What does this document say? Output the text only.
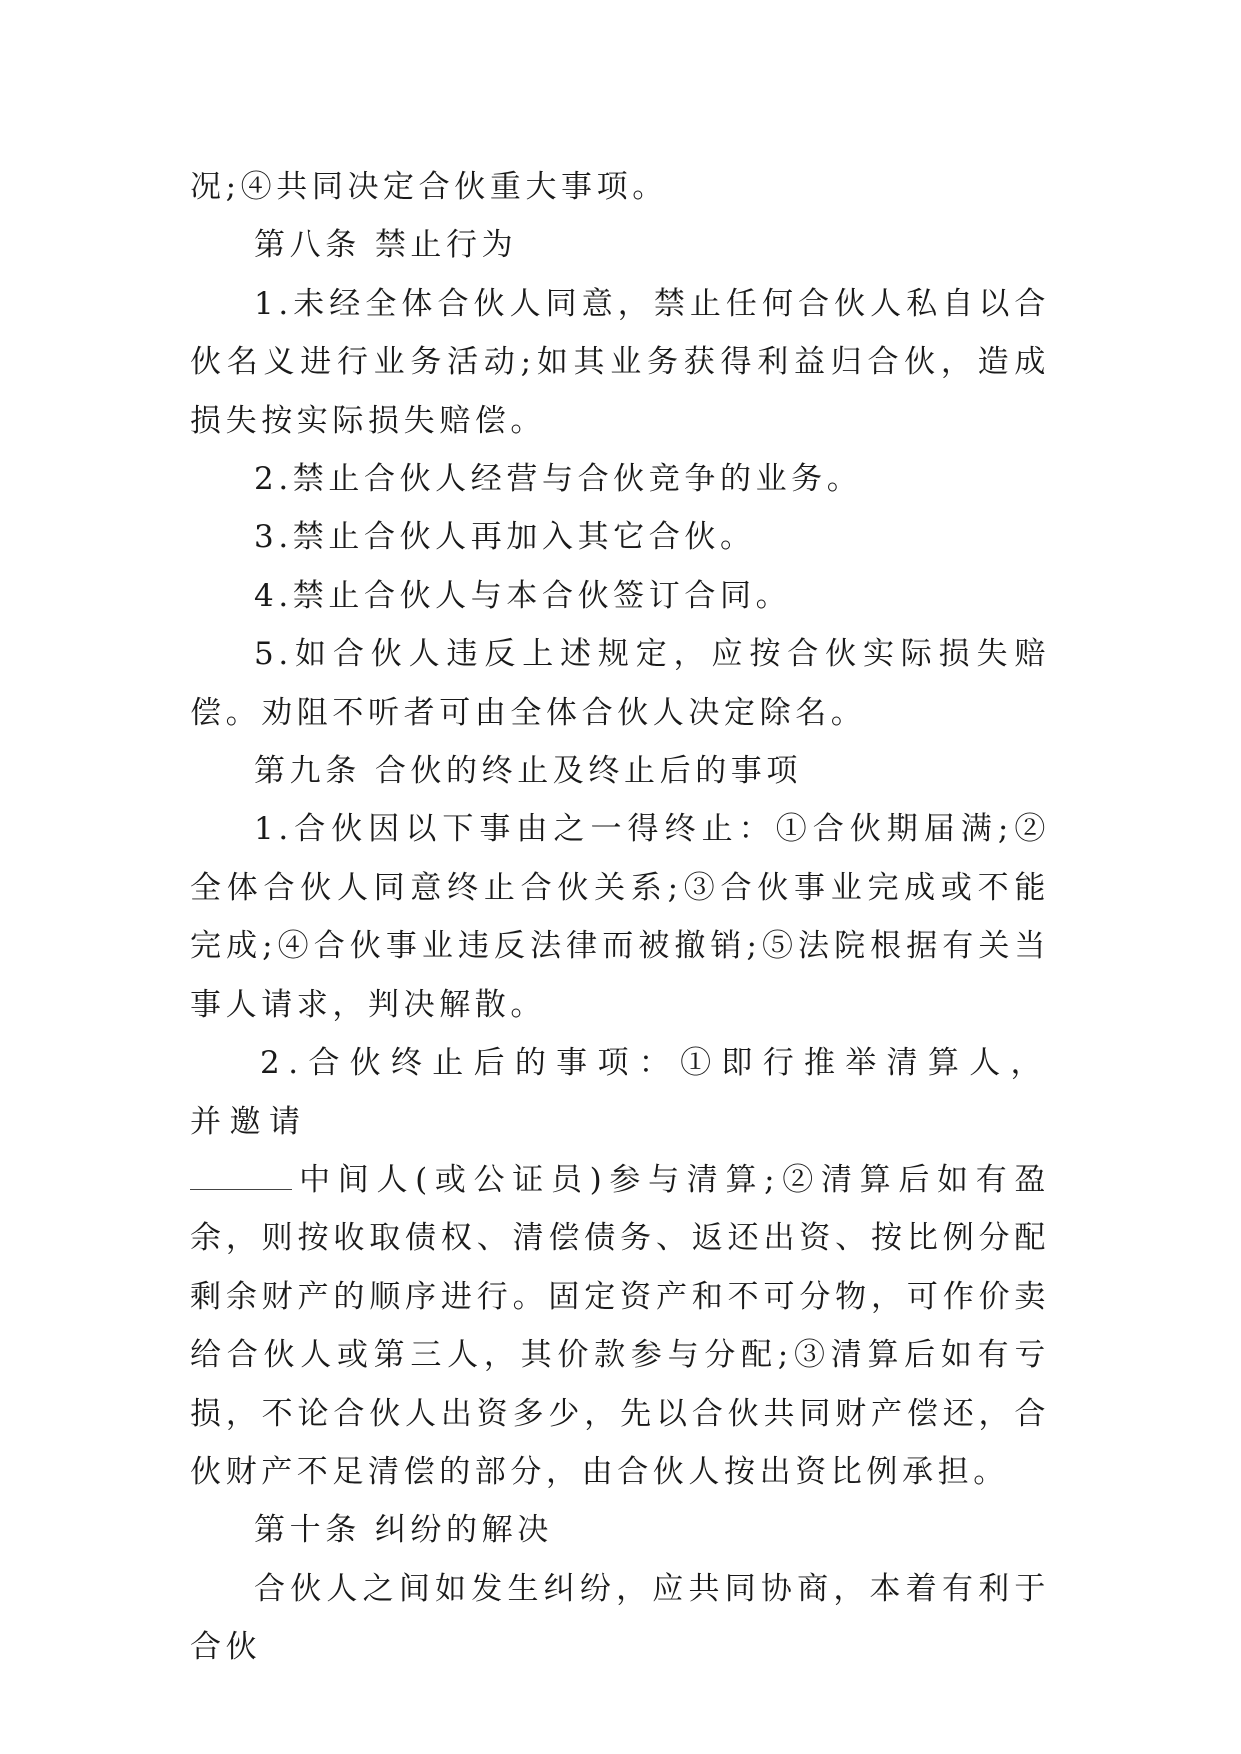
况;④共同决定合伙重大事项。

第八条 禁止行为

1.未经全体合伙人同意，禁止任何合伙人私自以合伙名义进行业务活动;如其业务获得利益归合伙，造成损失按实际损失赔偿。

2.禁止合伙人经营与合伙竞争的业务。

3.禁止合伙人再加入其它合伙。

4.禁止合伙人与本合伙签订合同。

5.如合伙人违反上述规定，应按合伙实际损失赔偿。劝阻不听者可由全体合伙人决定除名。

第九条 合伙的终止及终止后的事项

1.合伙因以下事由之一得终止：①合伙期届满;②全体合伙人同意终止合伙关系;③合伙事业完成或不能完成;④合伙事业违反法律而被撤销;⑤法院根据有关当事人请求，判决解散。

2.合伙终止后的事项：①即行推举清算人，并邀请

中间人(或公证员)参与清算;②清算后如有盈余，则按收取债权、清偿债务、返还出资、按比例分配剩余财产的顺序进行。固定资产和不可分物，可作价卖给合伙人或第三人，其价款参与分配;③清算后如有亏损，不论合伙人出资多少，先以合伙共同财产偿还，合伙财产不足清偿的部分，由合伙人按出资比例承担。

第十条 纠纷的解决

合伙人之间如发生纠纷，应共同协商，本着有利于合伙
